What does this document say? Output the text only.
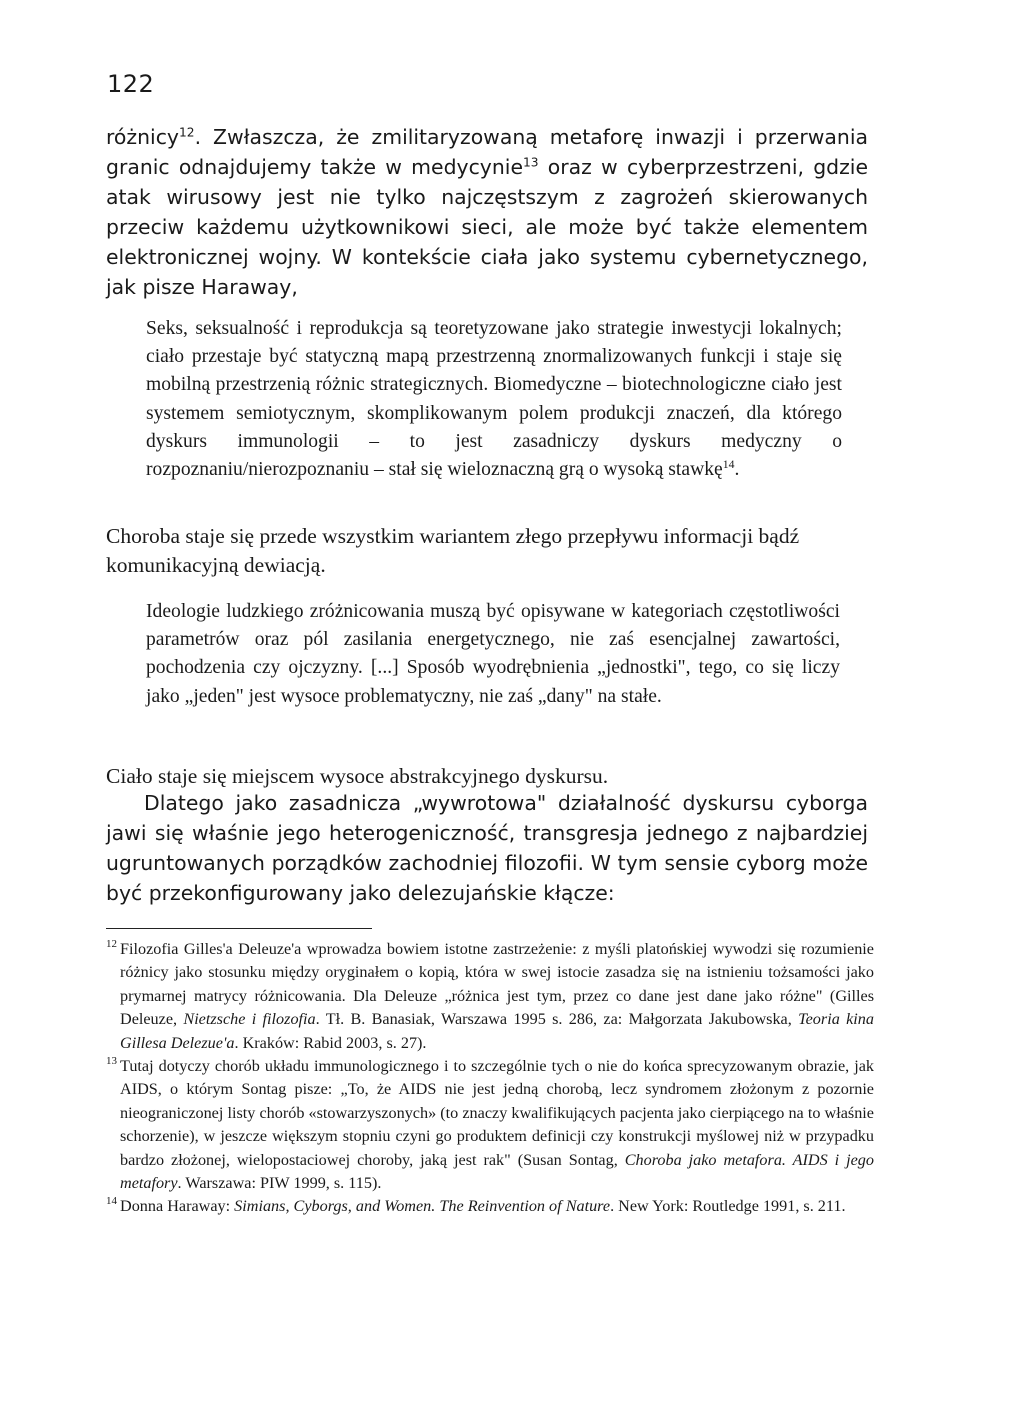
122

różnicy$^{12}$. Zwłaszcza, że zmilitaryzowaną metaforę inwazji i przerwania granic odnajdujemy także w medycynie$^{13}$ oraz w cyberprzestrzeni, gdzie atak wirusowy jest nie tylko najczęstszym z zagrożeń skierowanych przeciw każdemu użytkownikowi sieci, ale może być także elementem elektronicznej wojny. W kontekście ciała jako systemu cybernetycznego, jak pisze Haraway,

Seks, seksualność i reprodukcja są teoretyzowane jako strategie inwestycji lokalnych; ciało przestaje być statyczną mapą przestrzenną znormalizowanych funkcji i staje się mobilną przestrzenią różnic strategicznych. Biomedyczne – biotechnologiczne ciało jest systemem semiotycznym, skomplikowanym polem produkcji znaczeń, dla którego dyskurs immunologii – to jest zasadniczy dyskurs medyczny o rozpoznaniu/nierozpoznaniu – stał się wieloznaczną grą o wysoką stawkę$^{14}$.

Choroba staje się przede wszystkim wariantem złego przepływu informacji bądź komunikacyjną dewiacją.

Ideologie ludzkiego zróżnicowania muszą być opisywane w kategoriach częstotliwości parametrów oraz pól zasilania energetycznego, nie zaś esencjalnej zawartości, pochodzenia czy ojczyzny. [...] Sposób wyodrębnienia „jednostki", tego, co się liczy jako „jeden" jest wysoce problematyczny, nie zaś „dany" na stałe.

Ciało staje się miejscem wysoce abstrakcyjnego dyskursu.

Dlatego jako zasadnicza „wywrotowa" działalność dyskursu cyborga jawi się właśnie jego heterogeniczność, transgresja jednego z najbardziej ugruntowanych porządków zachodniej filozofii. W tym sensie cyborg może być przekonfigurowany jako delezujańskie kłącze:

12 Filozofia Gilles'a Deleuze'a wprowadza bowiem istotne zastrzeżenie: z myśli platońskiej wywodzi się rozumienie różnicy jako stosunku między oryginałem o kopią, która w swej istocie zasadza się na istnieniu tożsamości jako prymarnej matrycy różnicowania. Dla Deleuze „różnica jest tym, przez co dane jest dane jako różne" (Gilles Deleuze, Nietzsche i filozofia. Tł. B. Banasiak, Warszawa 1995 s. 286, za: Małgorzata Jakubowska, Teoria kina Gillesa Delezue'a. Kraków: Rabid 2003, s. 27).

13 Tutaj dotyczy chorób układu immunologicznego i to szczególnie tych o nie do końca sprecyzowanym obrazie, jak AIDS, o którym Sontag pisze: „To, że AIDS nie jest jedną chorobą, lecz syndromem złożonym z pozornie nieograniczonej listy chorób «stowarzyszonych» (to znaczy kwalifikujących pacjenta jako cierpiącego na to właśnie schorzenie), w jeszcze większym stopniu czyni go produktem definicji czy konstrukcji myślowej niż w przypadku bardzo złożonej, wielopostaciowej choroby, jaką jest rak" (Susan Sontag, Choroba jako metafora. AIDS i jego metafory. Warszawa: PIW 1999, s. 115).

14 Donna Haraway: Simians, Cyborgs, and Women. The Reinvention of Nature. New York: Routledge 1991, s. 211.
